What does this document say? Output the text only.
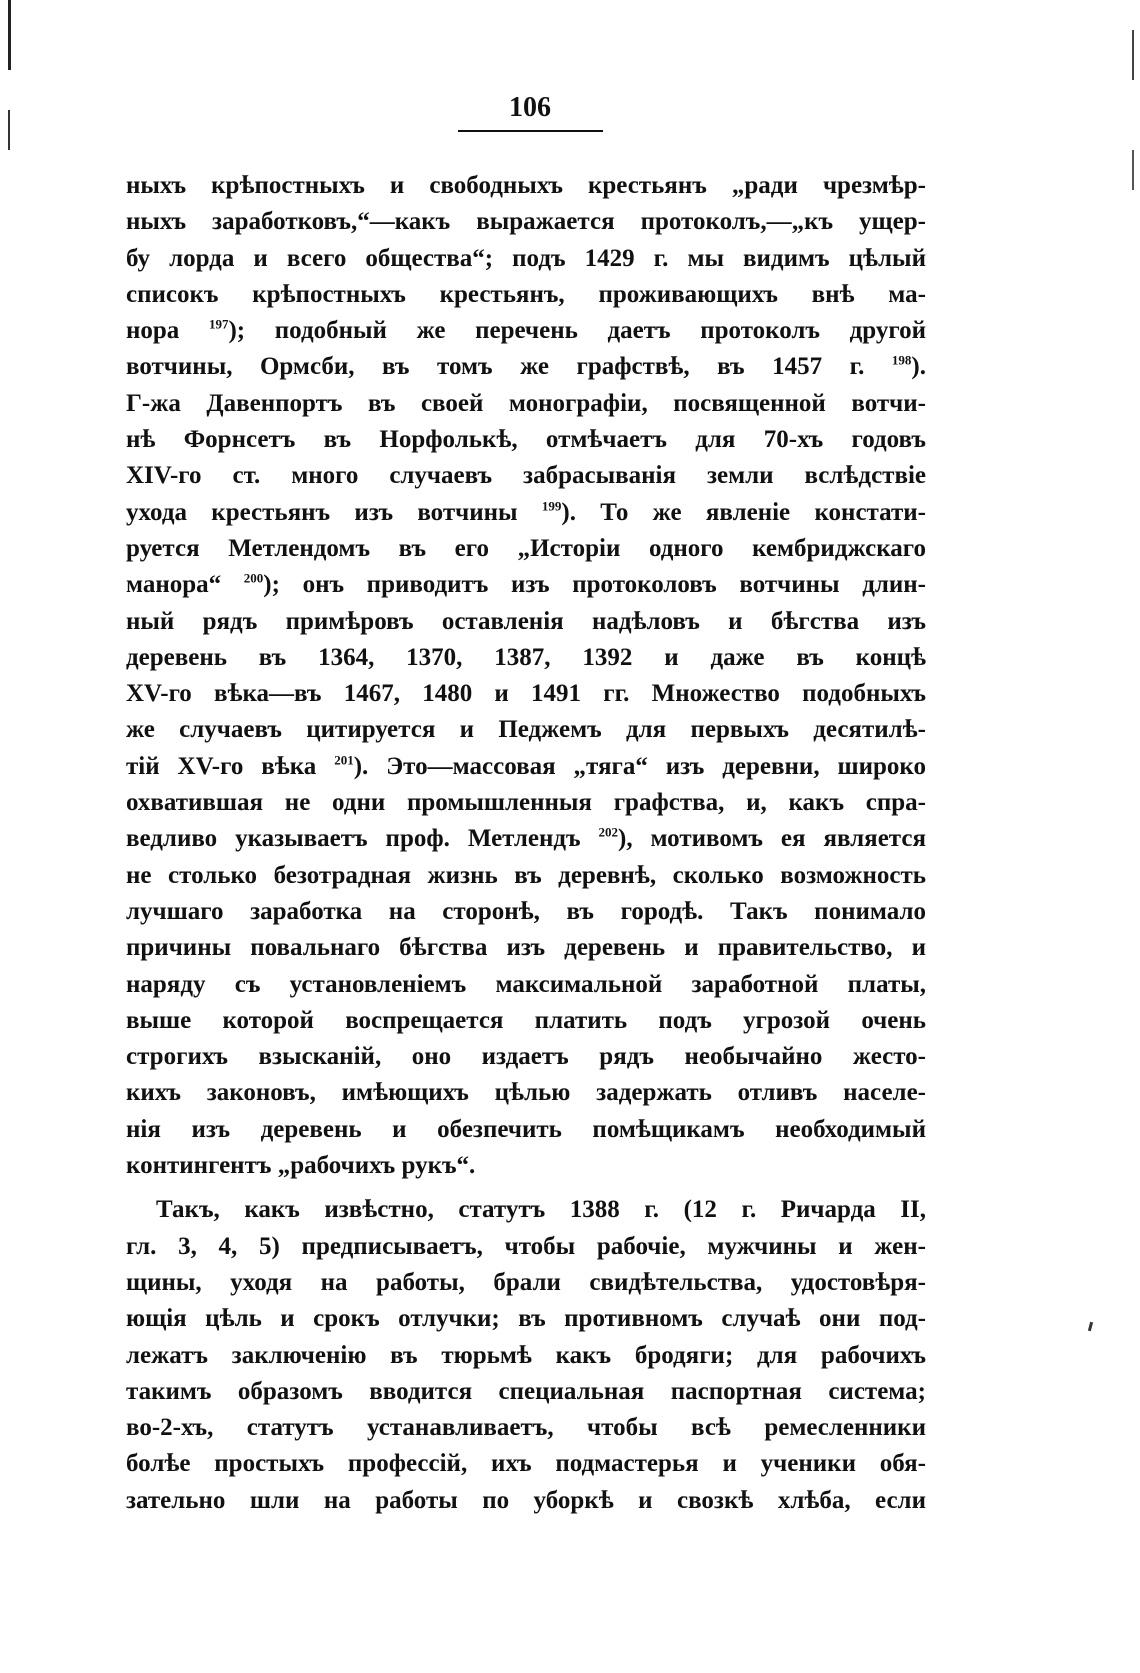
106
ныхъ крѣпостныхъ и свободныхъ крестьянъ „ради чрезмѣр-
ныхъ заработковъ,“—какъ выражается протоколъ,—„къ ущер-
бу лорда и всего общества“; подъ 1429 г. мы видимъ цѣлый
списокъ крѣпостныхъ крестьянъ, проживающихъ внѣ ма-
нора $^{197}$); подобный же перечень даетъ протоколъ другой
вотчины, Ормсби, въ томъ же графствѣ, въ 1457 г. $^{198}$).
Г-жа Давенпортъ въ своей монографіи, посвященной вотчи-
нѣ Форнсетъ въ Норфолькѣ, отмѣчаетъ для 70-хъ годовъ
XIV-го ст. много случаевъ забрасыванія земли вслѣдствіе
ухода крестьянъ изъ вотчины $^{199}$). То же явленіе констати-
руется Метлендомъ въ его „Исторіи одного кембриджскаго
манора“ $^{200}$); онъ приводитъ изъ протоколовъ вотчины длин-
ный рядъ примѣровъ оставленія надѣловъ и бѣгства изъ
деревень въ 1364, 1370, 1387, 1392 и даже въ концѣ
XV-го вѣка—въ 1467, 1480 и 1491 гг. Множество подобныхъ
же случаевъ цитируется и Педжемъ для первыхъ десятилѣ-
тій XV-го вѣка $^{201}$). Это—массовая „тяга“ изъ деревни, широко
охватившая не одни промышленныя графства, и, какъ спра-
ведливо указываетъ проф. Метлендъ $^{202}$), мотивомъ ея является
не столько безотрадная жизнь въ деревнѣ, сколько возможность
лучшаго заработка на сторонѣ, въ городѣ. Такъ понимало
причины повальнаго бѣгства изъ деревень и правительство, и
наряду съ установленіемъ максимальной заработной платы,
выше которой воспрещается платить подъ угрозой очень
строгихъ взысканій, оно издаетъ рядъ необычайно жесто-
кихъ законовъ, имѣющихъ цѣлью задержать отливъ населе-
нія изъ деревень и обезпечить помѣщикамъ необходимый
контингентъ „рабочихъ рукъ“.
Такъ, какъ извѣстно, статутъ 1388 г. (12 г. Ричарда II,
гл. 3, 4, 5) предписываетъ, чтобы рабочіе, мужчины и жен-
щины, уходя на работы, брали свидѣтельства, удостовѣря-
ющія цѣль и срокъ отлучки; въ противномъ случаѣ они под-
лежатъ заключенію въ тюрьмѣ какъ бродяги; для рабочихъ
такимъ образомъ вводится специальная паспортная система;
во-2-хъ, статутъ устанавливаетъ, чтобы всѣ ремесленники
болѣе простыхъ профессій, ихъ подмастерья и ученики обя-
зательно шли на работы по уборкѣ и свозкѣ хлѣба, если
